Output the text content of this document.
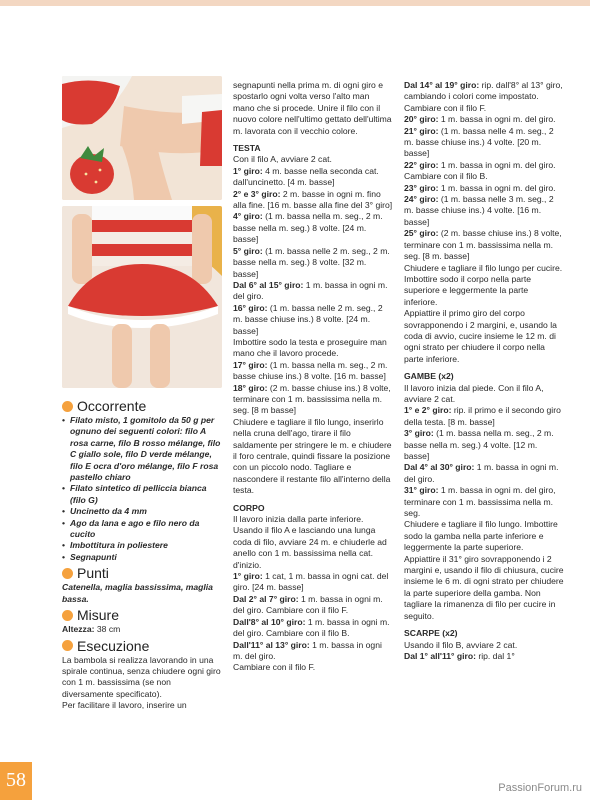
Occorrente

• Filato misto, 1 gomitolo da 50 g per ognuno dei seguenti colori: filo A rosa carne, filo B rosso mélange, filo C giallo sole, filo D verde mélange, filo E ocra d'oro mélange, filo F rosa pastello chiaro
• Filato sintetico di pelliccia bianca (filo G)
• Uncinetto da 4 mm
• Ago da lana e ago e filo nero da cucito
• Imbottitura in poliestere
• Segnapunti

Punti

Catenella, maglia bassissima, maglia bassa.

Misure

Altezza: 38 cm

Esecuzione

La bambola si realizza lavorando in una spirale continua, senza chiudere ogni giro con 1 m. bassissima (se non diversamente specificato).

Per facilitare il lavoro, inserire un

segnapunti nella prima m. di ogni giro e spostarlo ogni volta verso l'alto man mano che si procede. Unire il filo con il nuovo colore nell'ultimo gettato dell'ultima m. lavorata con il vecchio colore.

TESTA

Con il filo A, avviare 2 cat.

1° giro: 4 m. basse nella seconda cat. dall'uncinetto. [4 m. basse]

2° e 3° giro: 2 m. basse in ogni m. fino alla fine. [16 m. basse alla fine del 3° giro]

4° giro: (1 m. bassa nella m. seg., 2 m. basse nella m. seg.) 8 volte. [24 m. basse]

5° giro: (1 m. bassa nelle 2 m. seg., 2 m. basse nella m. seg.) 8 volte. [32 m. basse]

Dal 6° al 15° giro: 1 m. bassa in ogni m. del giro.

16° giro: (1 m. bassa nelle 2 m. seg., 2 m. basse chiuse ins.) 8 volte. [24 m. basse]

Imbottire sodo la testa e proseguire man mano che il lavoro procede.

17° giro: (1 m. bassa nella m. seg., 2 m. basse chiuse ins.) 8 volte. [16 m. basse]

18° giro: (2 m. basse chiuse ins.) 8 volte, terminare con 1 m. bassissima nella m. seg. [8 m basse]

Chiudere e tagliare il filo lungo, inserirlo nella cruna dell'ago, tirare il filo saldamente per stringere le m. e chiudere il foro centrale, quindi fissare la posizione con un piccolo nodo. Tagliare e nascondere il restante filo all'interno della testa.

CORPO

Il lavoro inizia dalla parte inferiore. Usando il filo A e lasciando una lunga coda di filo, avviare 24 m. e chiuderle ad anello con 1 m. bassissima nella cat. d'inizio.

1° giro: 1 cat, 1 m. bassa in ogni cat. del giro. [24 m. basse]

Dal 2° al 7° giro: 1 m. bassa in ogni m. del giro. Cambiare con il filo F.

Dall'8° al 10° giro: 1 m. bassa in ogni m. del giro. Cambiare con il filo B.

Dall'11° al 13° giro: 1 m. bassa in ogni m. del giro.

Cambiare con il filo F.

Dal 14° al 19° giro: rip. dall'8° al 13° giro, cambiando i colori come impostato. Cambiare con il filo F.

20° giro: 1 m. bassa in ogni m. del giro.

21° giro: (1 m. bassa nelle 4 m. seg., 2 m. basse chiuse ins.) 4 volte. [20 m. basse]

22° giro: 1 m. bassa in ogni m. del giro. Cambiare con il filo B.

23° giro: 1 m. bassa in ogni m. del giro.

24° giro: (1 m. bassa nelle 3 m. seg., 2 m. basse chiuse ins.) 4 volte. [16 m. basse]

25° giro: (2 m. basse chiuse ins.) 8 volte, terminare con 1 m. bassissima nella m. seg. [8 m. basse]

Chiudere e tagliare il filo lungo per cucire. Imbottire sodo il corpo nella parte superiore e leggermente la parte inferiore.

Appiattire il primo giro del corpo sovrapponendo i 2 margini, e, usando la coda di avvio, cucire insieme le 12 m. di ogni strato per chiudere il corpo nella parte inferiore.

GAMBE (x2)

Il lavoro inizia dal piede. Con il filo A, avviare 2 cat.

1° e 2° giro: rip. il primo e il secondo giro della testa. [8 m. basse]

3° giro: (1 m. bassa nella m. seg., 2 m. basse nella m. seg.) 4 volte. [12 m. basse]

Dal 4° al 30° giro: 1 m. bassa in ogni m. del giro.

31° giro: 1 m. bassa in ogni m. del giro, terminare con 1 m. bassissima nella m. seg.

Chiudere e tagliare il filo lungo. Imbottire sodo la gamba nella parte inferiore e leggermente la parte superiore.

Appiattire il 31° giro sovrapponendo i 2 margini e, usando il filo di chiusura, cucire insieme le 6 m. di ogni strato per chiudere la parte superiore della gamba. Non tagliare la rimanenza di filo per cucire in seguito.

SCARPE (x2)

Usando il filo B, avviare 2 cat.

Dal 1° all'11° giro: rip. dal 1°

58	PassionForum.ru
